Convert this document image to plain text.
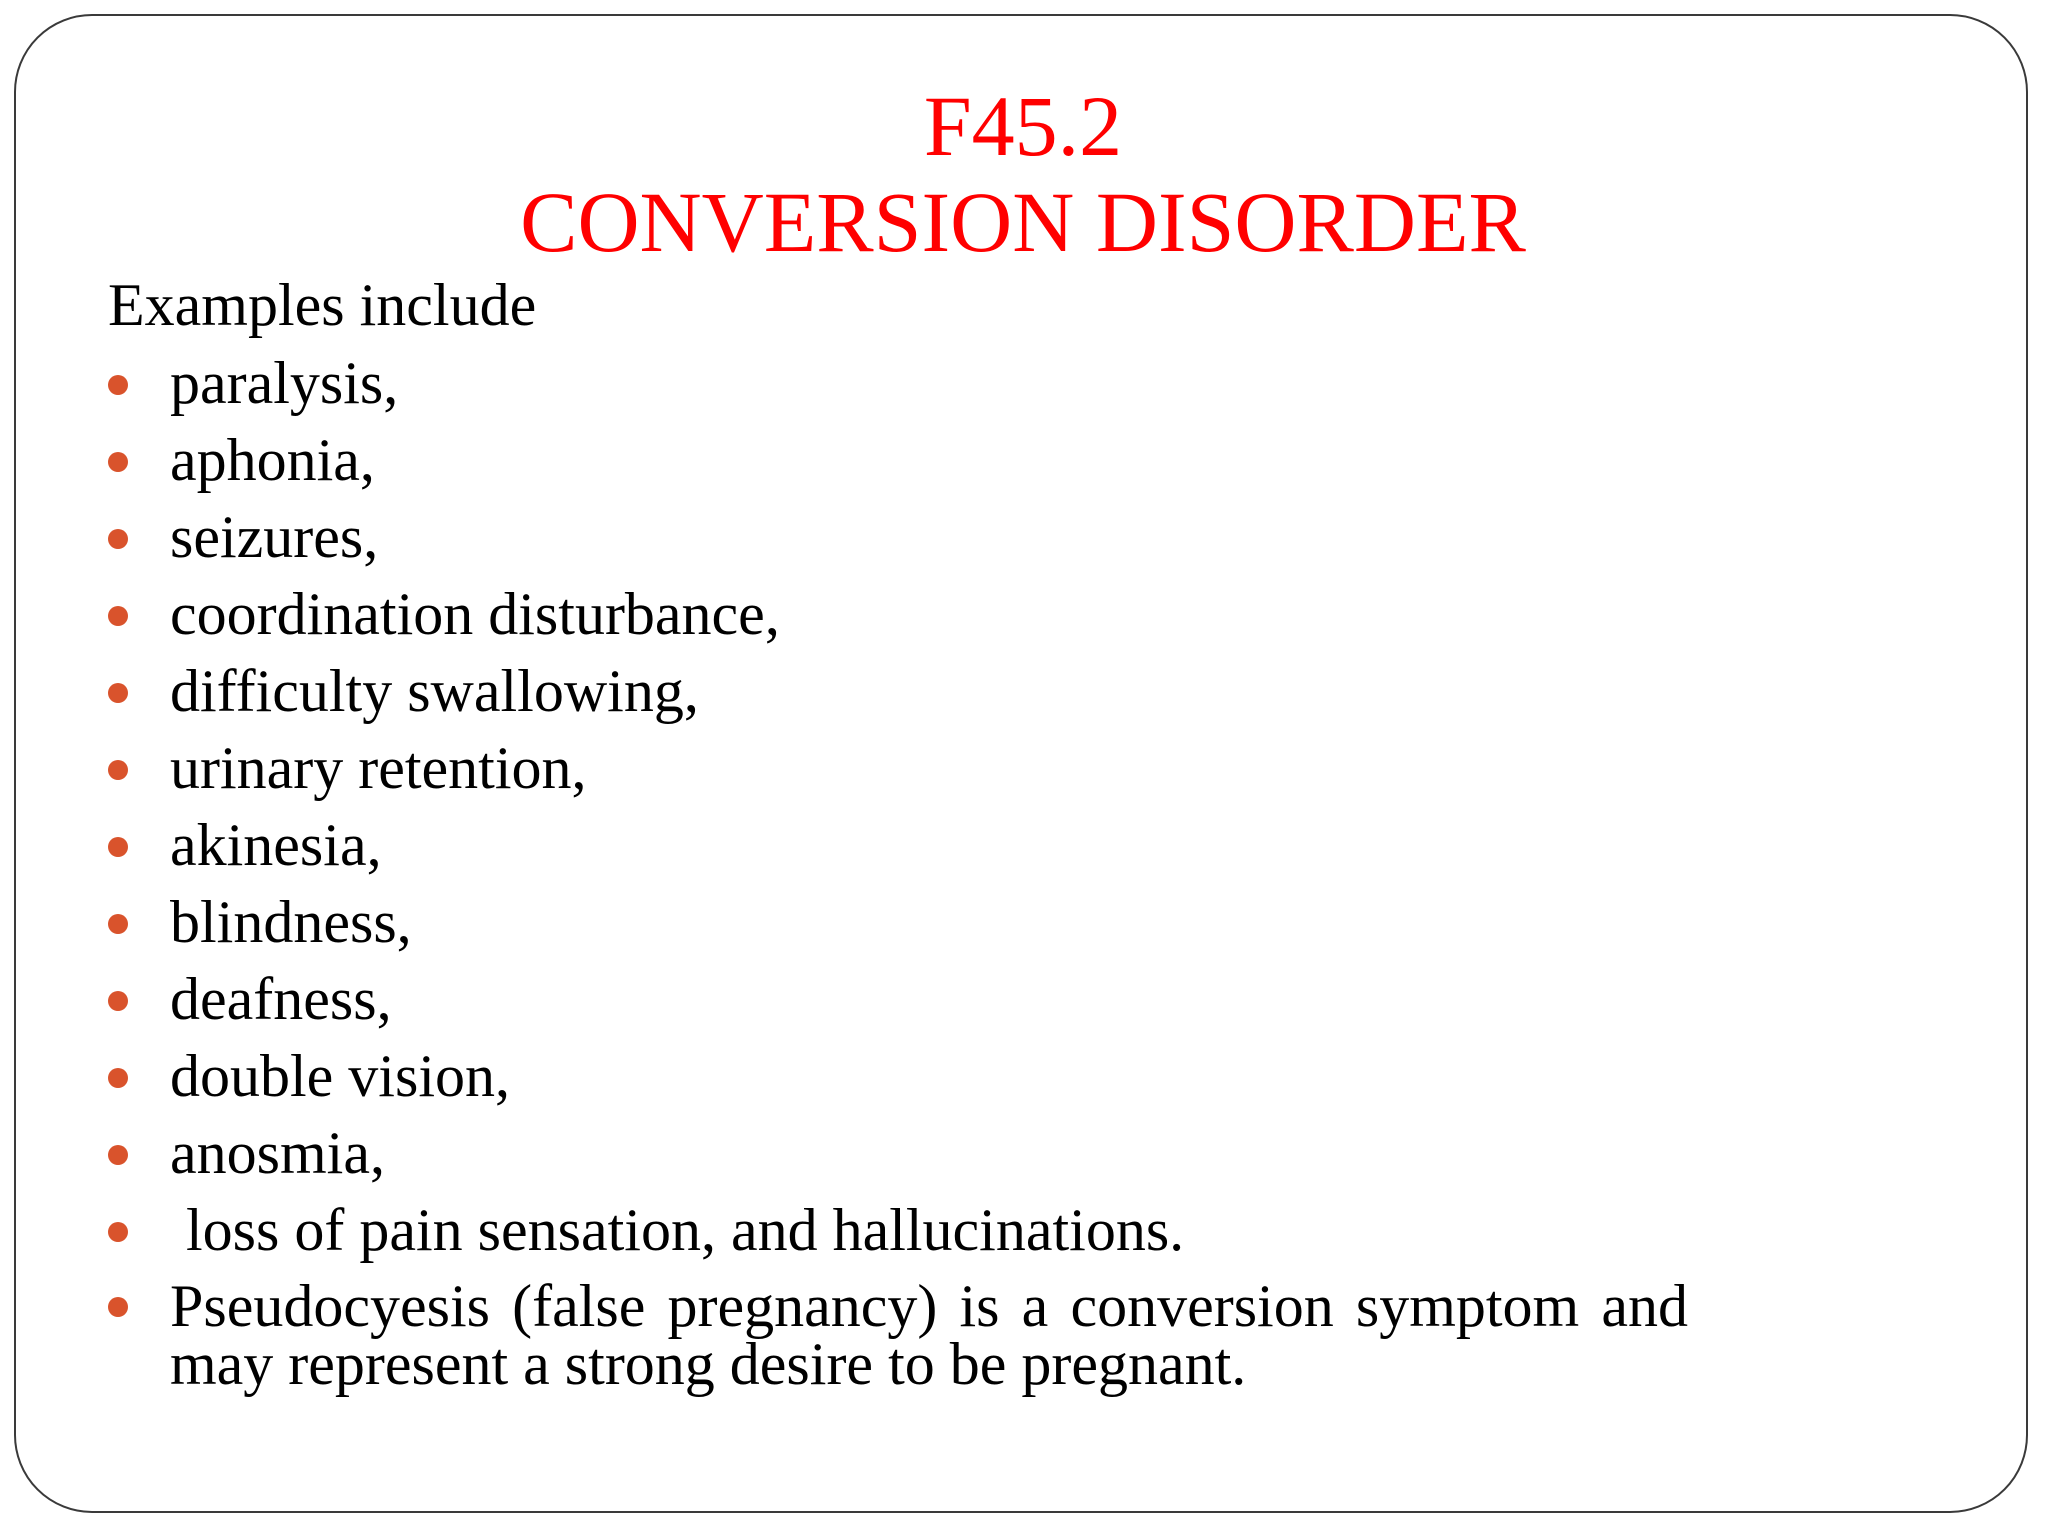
F45.2
CONVERSION DISORDER
Examples include
paralysis,
aphonia,
seizures,
coordination disturbance,
difficulty swallowing,
urinary retention,
akinesia,
blindness,
deafness,
double vision,
anosmia,
loss of pain sensation, and hallucinations.
Pseudocyesis (false pregnancy) is a conversion symptom and may represent a strong desire to be pregnant.
